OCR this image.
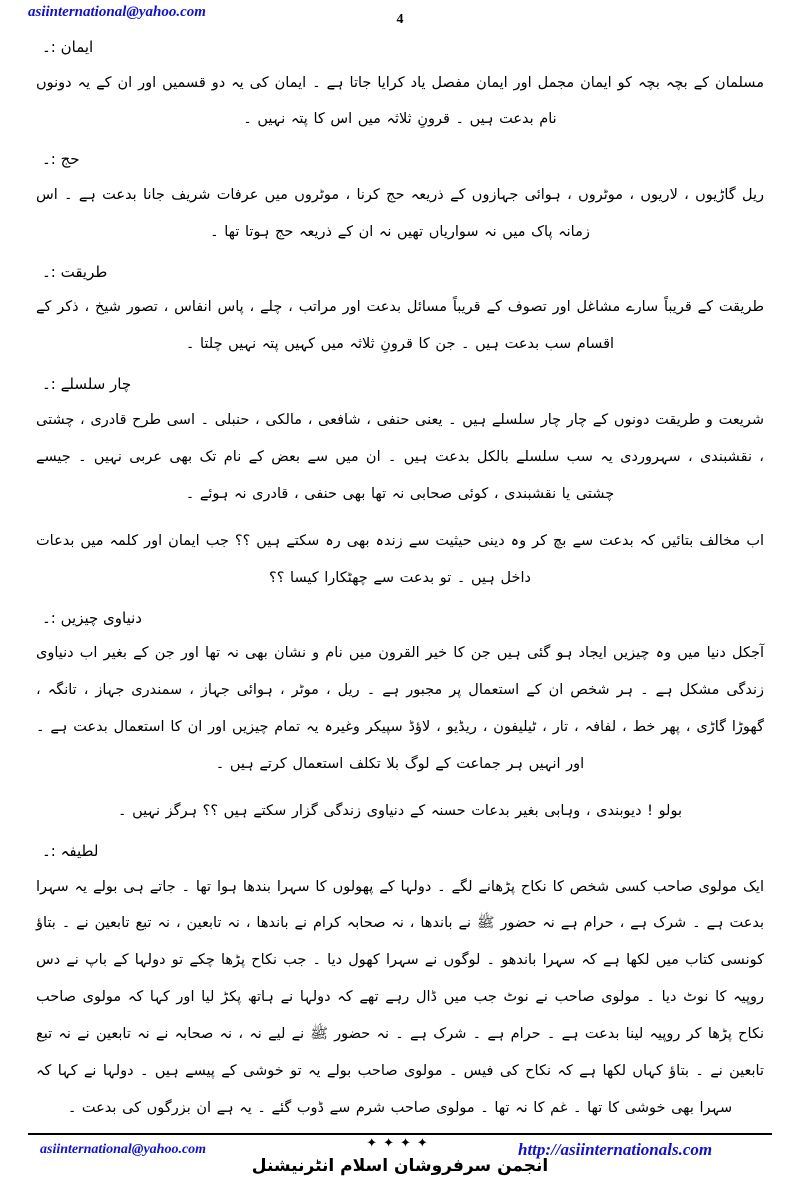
asiinternational@yahoo.com	4
ایمان :۔
مسلمان کے بچہ بچہ کو ایمان مجمل اور ایمان مفصل یاد کرایا جاتا ہے ۔ ایمان کی یہ دو قسمیں اور ان کے یہ دونوں نام بدعت ہیں ۔ قرونِ ثلاثہ میں اس کا پتہ نہیں ۔
حج :۔
ریل گاڑیوں ، لاریوں ، موٹروں ، ہوائی جہازوں کے ذریعہ حج کرنا ، موٹروں میں عرفات شریف جانا بدعت ہے ۔ اس زمانہ پاک میں نہ سواریاں تھیں نہ ان کے ذریعہ حج ہوتا تھا ۔
طریقت :۔
طریقت کے قریباً سارے مشاغل اور تصوف کے قریباً مسائل بدعت اور مراتب ، چلے ، پاس انفاس ، تصور شیخ ، ذکر کے اقسام سب بدعت ہیں ۔ جن کا قرونِ ثلاثہ میں کہیں پتہ نہیں چلتا ۔
چار سلسلے :۔
شریعت و طریقت دونوں کے چار چار سلسلے ہیں ۔ یعنی حنفی ، شافعی ، مالکی ، حنبلی ۔ اسی طرح قادری ، چشتی ، نقشبندی ، سہروردی یہ سب سلسلے بالکل بدعت ہیں ۔ ان میں سے بعض کے نام تک بھی عربی نہیں ۔ جیسے چشتی یا نقشبندی ، کوئی صحابی نہ تھا بھی حنفی ، قادری نہ ہوئے ۔
اب مخالف بتائیں کہ بدعت سے بچ کر وہ دینی حیثیت سے زندہ بھی رہ سکتے ہیں ؟؟ جب ایمان اور کلمہ میں بدعات داخل ہیں ۔ تو بدعت سے چھٹکارا کیسا ؟؟
دنیاوی چیزیں :۔
آجکل دنیا میں وہ چیزیں ایجاد ہو گئی ہیں جن کا خیر القرون میں نام و نشان بھی نہ تھا اور جن کے بغیر اب دنیاوی زندگی مشکل ہے ۔ ہر شخص ان کے استعمال پر مجبور ہے ۔ ریل ، موٹر ، ہوائی جہاز ، سمندری جہاز ، تانگہ ، گھوڑا گاڑی ، پھر خط ، لفافہ ، تار ، ٹیلیفون ، ریڈیو ، لاؤڈ سپیکر وغیرہ یہ تمام چیزیں اور ان کا استعمال بدعت ہے ۔ اور انہیں ہر جماعت کے لوگ بلا تکلف استعمال کرتے ہیں ۔
بولو ! دیوبندی ، وہابی بغیر بدعات حسنہ کے دنیاوی زندگی گزار سکتے ہیں ؟؟ ہرگز نہیں ۔
لطیفہ :۔
ایک مولوی صاحب کسی شخص کا نکاح پڑھانے لگے ۔ دولہا کے پھولوں کا سہرا بندھا ہوا تھا ۔ جاتے ہی بولے یہ سہرا بدعت ہے ۔ شرک ہے ، حرام ہے نہ حضور ﷺ نے باندھا ، نہ صحابہ کرام نے باندھا ، نہ تابعین ، نہ تبع تابعین نے ۔ بتاؤ کونسی کتاب میں لکھا ہے کہ سہرا باندھو ۔ لوگوں نے سہرا کھول دیا ۔ جب نکاح پڑھا چکے تو دولہا کے باپ نے دس روپیہ کا نوٹ دیا ۔ مولوی صاحب نے نوٹ جب میں ڈال رہے تھے کہ دولہا نے ہاتھ پکڑ لیا اور کہا کہ مولوی صاحب نکاح پڑھا کر روپیہ لینا بدعت ہے ۔ حرام ہے ۔ شرک ہے ۔ نہ حضور ﷺ نے لیے نہ ، نہ صحابہ نے نہ تابعین نے نہ تبع تابعین نے ۔ بتاؤ کہاں لکھا ہے کہ نکاح کی فیس ۔ مولوی صاحب بولے یہ تو خوشی کے پیسے ہیں ۔ دولہا نے کہا کہ سہرا بھی خوشی کا تھا ۔ غم کا نہ تھا ۔ مولوی صاحب شرم سے ڈوب گئے ۔ یہ ہے ان بزرگوں کی بدعت ۔
✦✦✦✦
انجمن سرفروشان اسلام انٹرنیشنل
asiinternational@yahoo.com	http://asiinternationals.com
